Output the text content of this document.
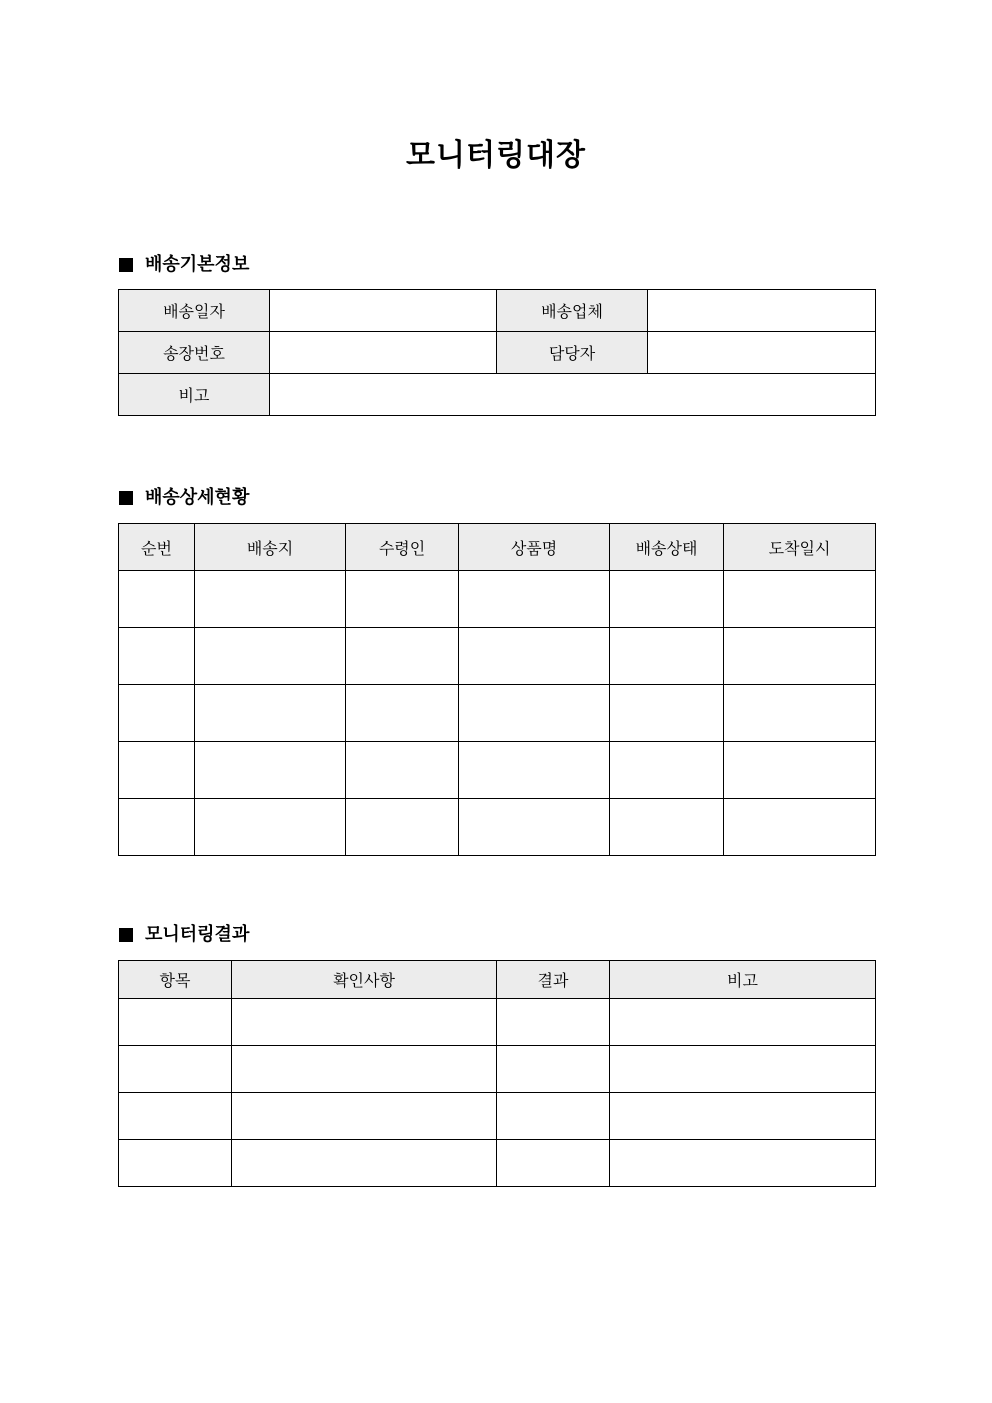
모니터링대장
배송기본정보
배송일자		배송업체	
송장번호		담당자	
비고			
배송상세현황
순번	배송지	수령인	상품명	배송상태	도착일시

모니터링결과
항목	확인사항	결과	비고
